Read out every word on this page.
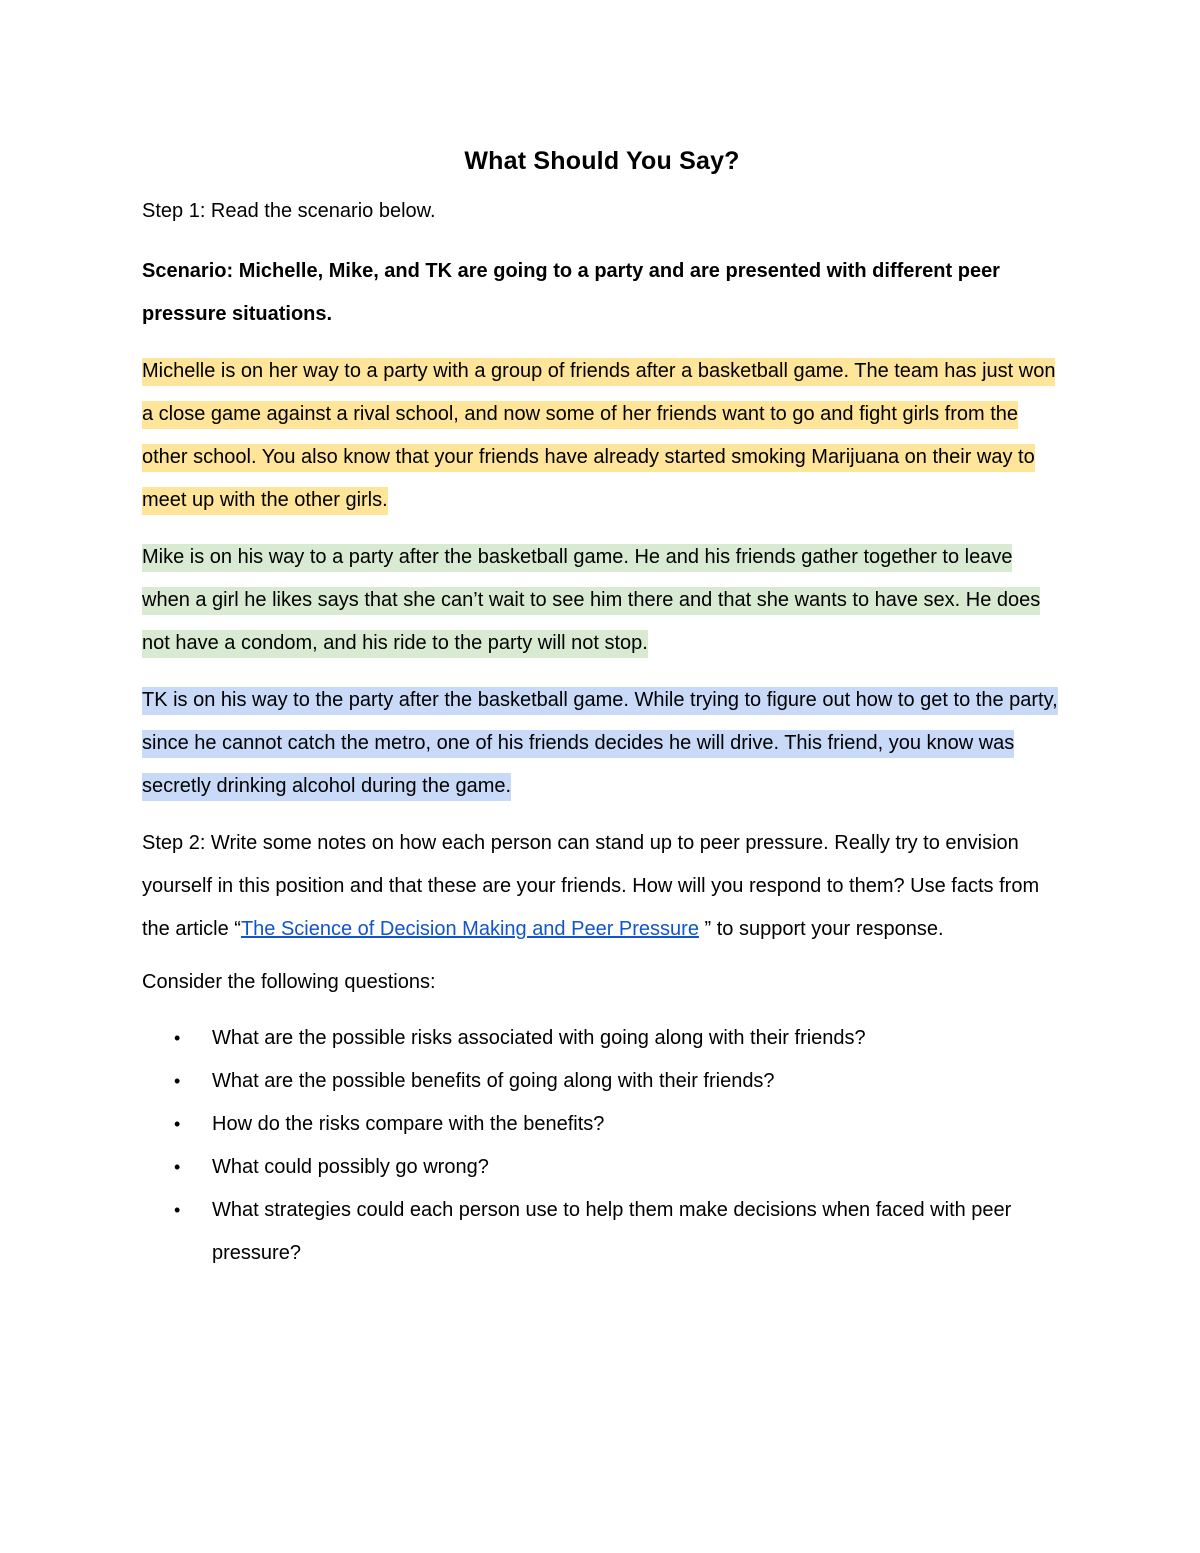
What Should You Say?

Step 1: Read the scenario below.

Scenario: Michelle, Mike, and TK are going to a party and are presented with different peer pressure situations.

Michelle is on her way to a party with a group of friends after a basketball game. The team has just won a close game against a rival school, and now some of her friends want to go and fight girls from the other school. You also know that your friends have already started smoking Marijuana on their way to meet up with the other girls.

Mike is on his way to a party after the basketball game. He and his friends gather together to leave when a girl he likes says that she can’t wait to see him there and that she wants to have sex. He does not have a condom, and his ride to the party will not stop.

TK is on his way to the party after the basketball game. While trying to figure out how to get to the party, since he cannot catch the metro, one of his friends decides he will drive. This friend, you know was secretly drinking alcohol during the game.

Step 2: Write some notes on how each person can stand up to peer pressure. Really try to envision yourself in this position and that these are your friends. How will you respond to them? Use facts from the article “The Science of Decision Making and Peer Pressure ” to support your response.

Consider the following questions:

• What are the possible risks associated with going along with their friends?
• What are the possible benefits of going along with their friends?
• How do the risks compare with the benefits?
• What could possibly go wrong?
• What strategies could each person use to help them make decisions when faced with peer pressure?
